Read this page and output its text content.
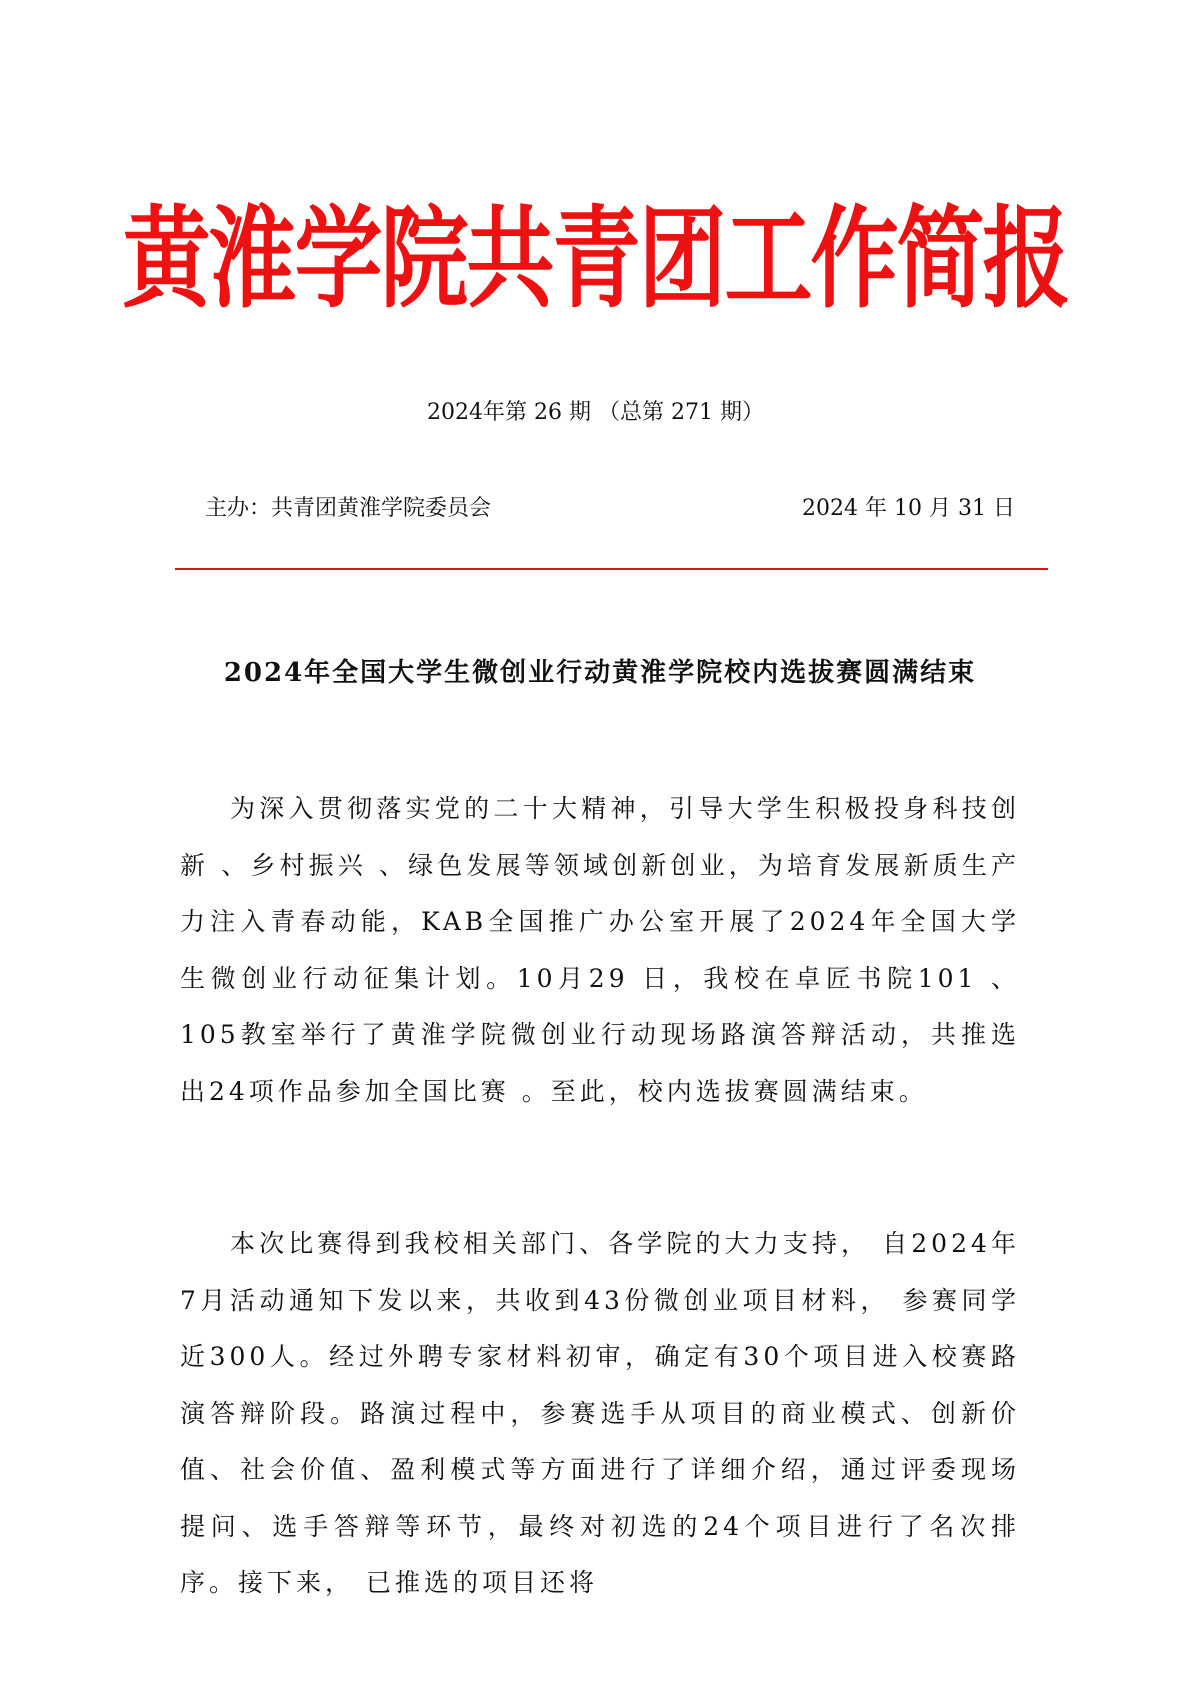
黄淮学院共青团工作简报
2024年第 26 期 （总第 271 期）
主办：共青团黄淮学院委员会	2024 年 10 月 31 日
2024年全国大学生微创业行动黄淮学院校内选拔赛圆满结束

为深入贯彻落实党的二十大精神，引导大学生积极投身科技创新 、乡村振兴 、绿色发展等领域创新创业，为培育发展新质生产力注入青春动能，KAB全国推广办公室开展了2024年全国大学生微创业行动征集计划。10月29 日，我校在卓匠书院101 、105教室举行了黄淮学院微创业行动现场路演答辩活动，共推选出24项作品参加全国比赛 。至此，校内选拔赛圆满结束。

本次比赛得到我校相关部门、各学院的大力支持， 自2024年7月活动通知下发以来，共收到43份微创业项目材料， 参赛同学近300人。经过外聘专家材料初审，确定有30个项目进入校赛路演答辩阶段。路演过程中，参赛选手从项目的商业模式、创新价值、社会价值、盈利模式等方面进行了详细介绍，通过评委现场提问、选手答辩等环节，最终对初选的24个项目进行了名次排序。接下来， 已推选的项目还将
